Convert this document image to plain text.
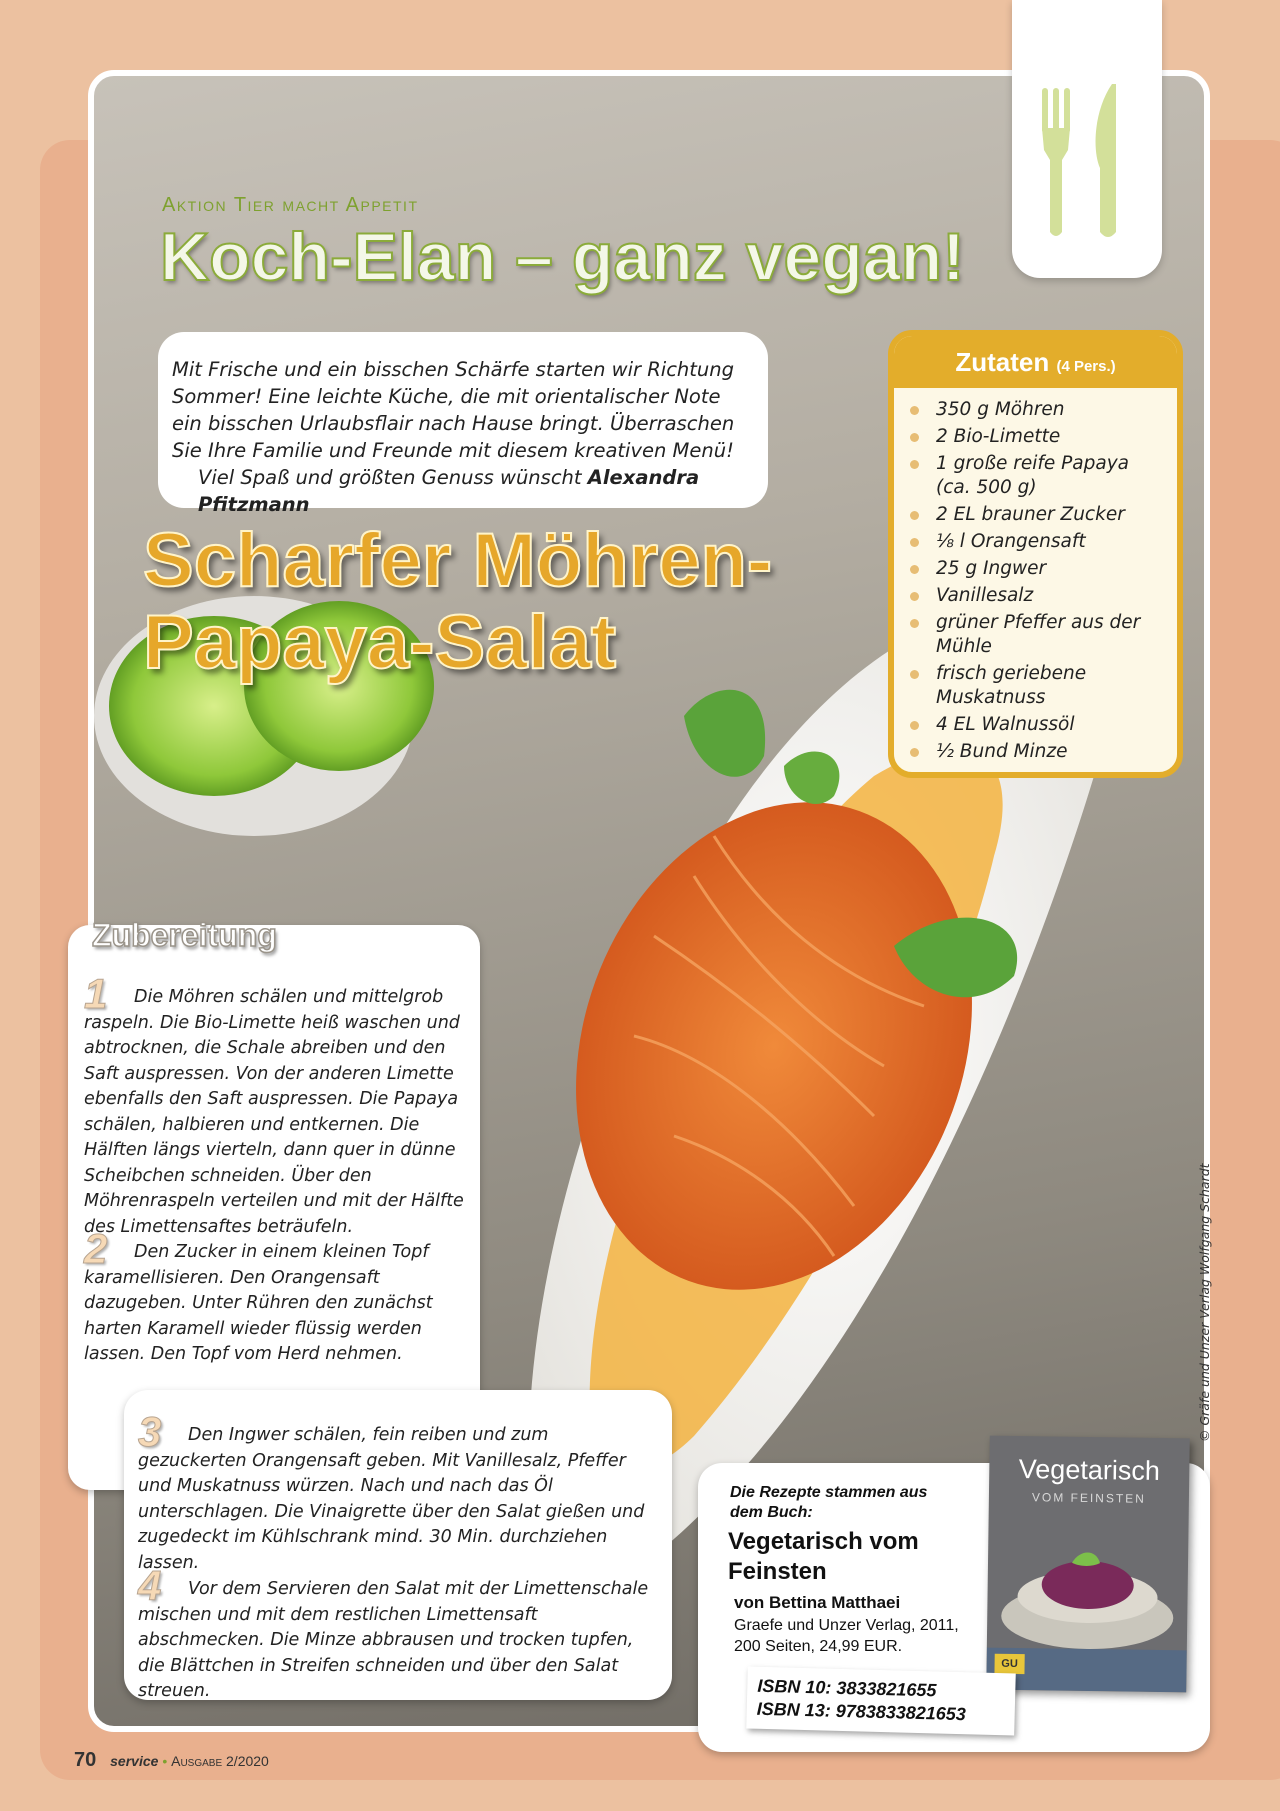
Aktion Tier macht Appetit
Koch-Elan – ganz vegan!

Mit Frische und ein bisschen Schärfe starten wir Richtung Sommer! Eine leichte Küche, die mit orientalischer Note ein bisschen Urlaubsflair nach Hause bringt. Überraschen Sie Ihre Familie und Freunde mit diesem kreativen Menü!

Viel Spaß und größten Genuss wünscht Alexandra Pfitzmann

Scharfer Möhren-
Papaya-Salat
Zutaten (4 Pers.)
350 g Möhren
2 Bio-Limette
1 große reife Papaya (ca. 500 g)
2 EL brauner Zucker
⅛ l Orangensaft
25 g Ingwer
Vanillesalz
grüner Pfeffer aus der Mühle
frisch geriebene Muskatnuss
4 EL Walnussöl
½ Bund Minze
Zubereitung
1 Die Möhren schälen und mittelgrob raspeln. Die Bio-Limette heiß waschen und abtrocknen, die Schale abreiben und den Saft auspressen. Von der anderen Limette ebenfalls den Saft auspressen. Die Papaya schälen, halbieren und entkernen. Die Hälften längs vierteln, dann quer in dünne Scheibchen schneiden. Über den Möhrenraspeln verteilen und mit der Hälfte des Limettensaftes beträufeln.
2 Den Zucker in einem kleinen Topf karamellisieren. Den Orangensaft dazugeben. Unter Rühren den zunächst harten Karamell wieder flüssig werden lassen. Den Topf vom Herd nehmen.
3 Den Ingwer schälen, fein reiben und zum gezuckerten Orangensaft geben. Mit Vanillesalz, Pfeffer und Muskatnuss würzen. Nach und nach das Öl unterschlagen. Die Vinaigrette über den Salat gießen und zugedeckt im Kühlschrank mind. 30 Min. durchziehen lassen.
4 Vor dem Servieren den Salat mit der Limettenschale mischen und mit dem restlichen Limettensaft abschmecken. Die Minze abbrausen und trocken tupfen, die Blättchen in Streifen schneiden und über den Salat streuen.
Die Rezepte stammen aus dem Buch:
Vegetarisch vom Feinsten
von Bettina Matthaei
Graefe und Unzer Verlag, 2011, 200 Seiten, 24,99 EUR.
Vegetarisch
VOM FEINSTEN
GU
ISBN 10: 3833821655
ISBN 13: 9783833821653
© Gräfe und Unzer Verlag Wolfgang Schardt
70 service • Ausgabe 2/2020
